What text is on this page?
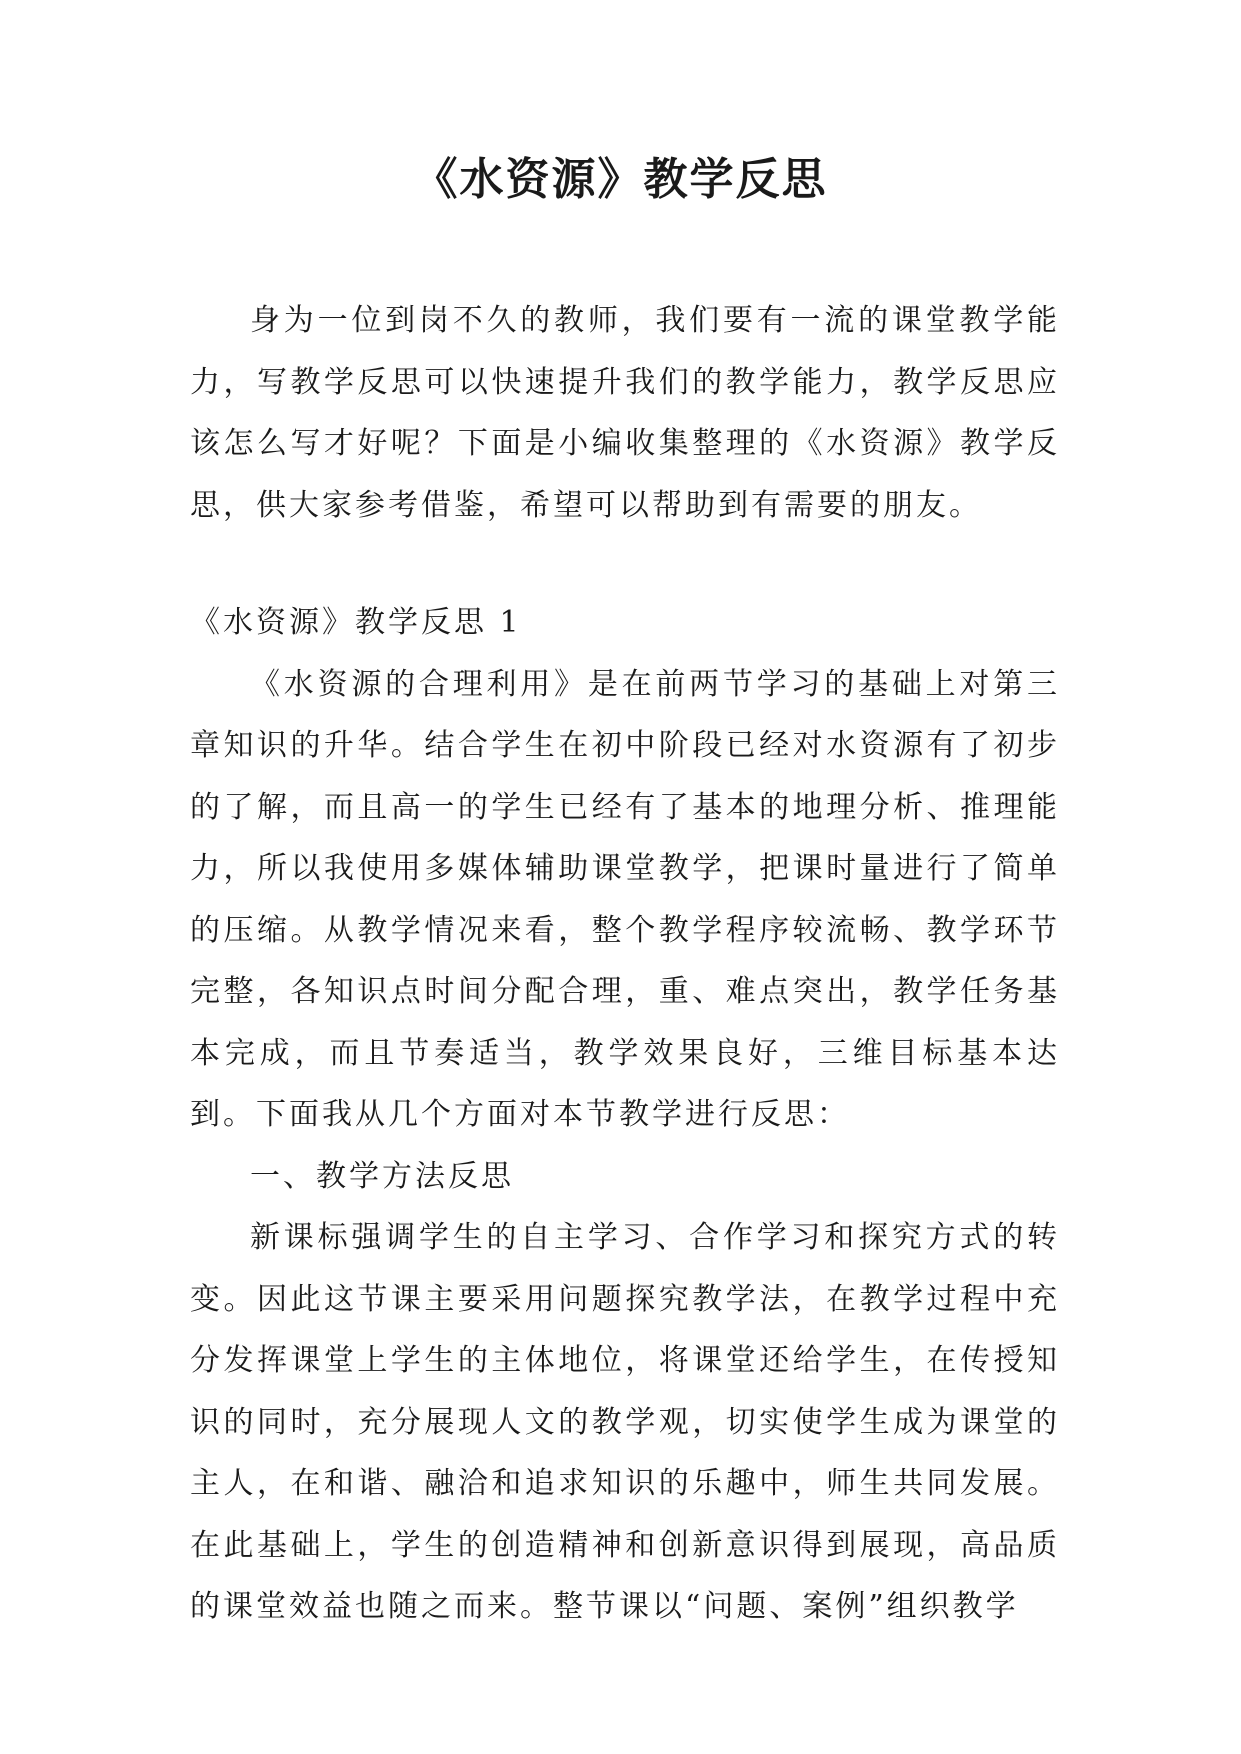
《水资源》教学反思

身为一位到岗不久的教师，我们要有一流的课堂教学能力，写教学反思可以快速提升我们的教学能力，教学反思应该怎么写才好呢？下面是小编收集整理的《水资源》教学反思，供大家参考借鉴，希望可以帮助到有需要的朋友。

《水资源》教学反思 1

《水资源的合理利用》是在前两节学习的基础上对第三章知识的升华。结合学生在初中阶段已经对水资源有了初步的了解，而且高一的学生已经有了基本的地理分析、推理能力，所以我使用多媒体辅助课堂教学，把课时量进行了简单的压缩。从教学情况来看，整个教学程序较流畅、教学环节完整，各知识点时间分配合理，重、难点突出，教学任务基本完成，而且节奏适当，教学效果良好，三维目标基本达到。下面我从几个方面对本节教学进行反思：

一、教学方法反思

新课标强调学生的自主学习、合作学习和探究方式的转变。因此这节课主要采用问题探究教学法，在教学过程中充分发挥课堂上学生的主体地位，将课堂还给学生，在传授知识的同时，充分展现人文的教学观，切实使学生成为课堂的主人，在和谐、融洽和追求知识的乐趣中，师生共同发展。在此基础上，学生的创造精神和创新意识得到展现，高品质的课堂效益也随之而来。整节课以“问题、案例”组织教学
